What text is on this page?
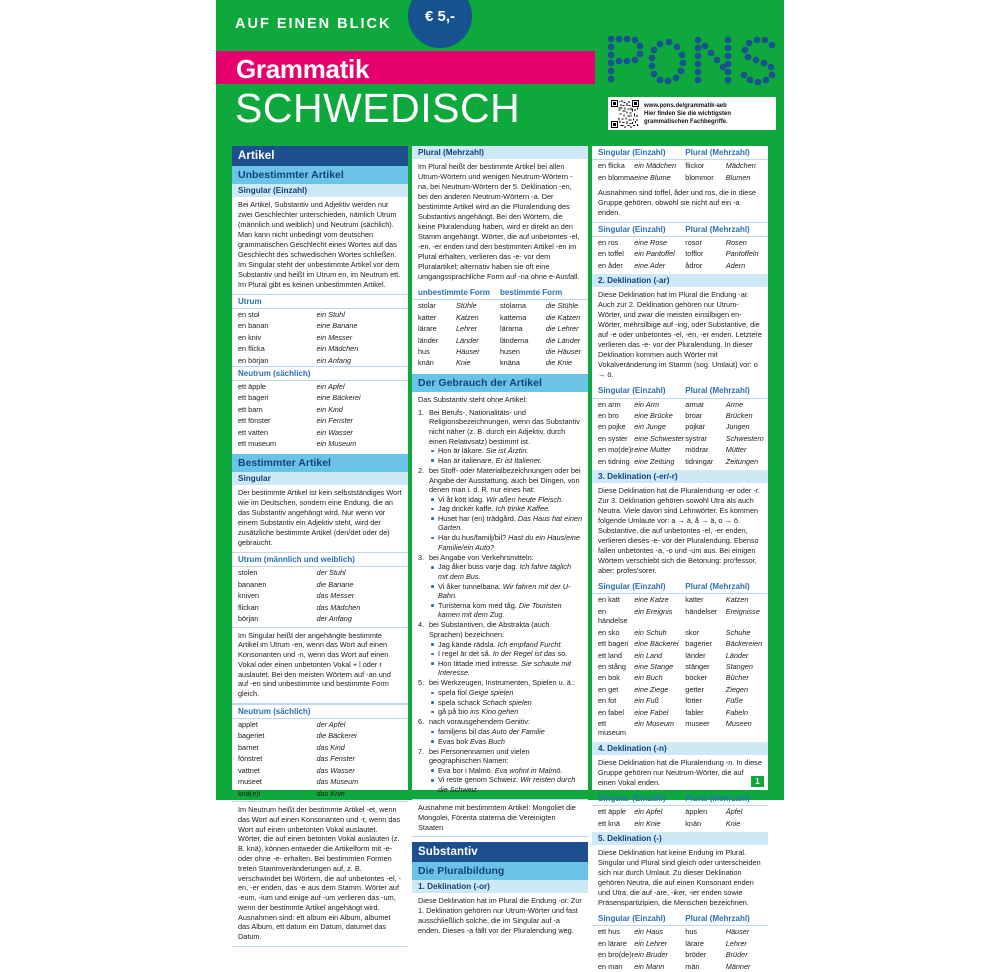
AUF EINEN BLICK	€ 5,-
Grammatik
SCHWEDISCH	www.pons.de/grammatik-aeb
Hier finden Sie die wichtigsten
grammatischen Fachbegriffe.
Artikel
Unbestimmter Artikel
Singular (Einzahl)
Bei Artikel, Substantiv und Adjektiv werden nur zwei Geschlechter unterschieden, nämlich Utrum (männlich und weiblich) und Neutrum (sächlich). Man kann nicht unbedingt vom deutschen grammatischen Geschlecht eines Wortes auf das Geschlecht des schwedischen Wortes schließen. Im Singular steht der unbestimmte Artikel vor dem Substantiv und heißt im Utrum en, im Neutrum ett. Im Plural gibt es keinen unbestimmten Artikel.
Utrum
en stol	ein Stuhl
en banan	eine Banane
en kniv	ein Messer
en flicka	ein Mädchen
en början	ein Anfang
Neutrum (sächlich)
ett äpple	ein Apfel
ett bageri	eine Bäckerei
ett barn	ein Kind
ett fönster	ein Fenster
ett vatten	ein Wasser
ett museum	ein Museum
Bestimmter Artikel
Singular
Der bestimmte Artikel ist kein selbstständiges Wort wie im Deutschen, sondern eine Endung, die an das Substantiv angehängt wird. Nur wenn vor einem Substantiv ein Adjektiv steht, wird der zusätzliche bestimmte Artikel (den/det oder de) gebraucht.
Utrum (männlich und weiblich)
stolen	der Stuhl
bananen	die Banane
kniven	das Messer
flickan	das Mädchen
början	der Anfang
Im Singular heißt der angehängte bestimmte Artikel im Utrum -en, wenn das Wort auf einen Konsonanten und -n, wenn das Wort auf einen Vokal oder einen unbetonten Vokal + l oder r auslautet. Bei den meisten Wörtern auf -an und auf -en sind unbestimmte und bestimmte Form gleich.
Neutrum (sächlich)
applet	der Apfel
bageriet	die Bäckerei
barnet	das Kind
fönstret	das Fenster
vattnet	das Wasser
museet	das Museum
knä(e)t	das Knie
Im Neutrum heißt der bestimmte Artikel -et, wenn das Wort auf einen Konsonanten und -t, wenn das Wort auf einen unbetonten Vokal auslautet. Wörter, die auf einen betonten Vokal auslauten (z. B. knä), können entweder die Artikelform mit -e- oder ohne -e- erhalten. Bei bestimmten Formen treten Stammveränderungen auf, z. B. verschwindet bei Wörtern, die auf unbetontes -el, -en, -er enden, das -e aus dem Stamm. Wörter auf -eum, -ium und einige auf -um verlieren das -um, wenn der bestimmte Artikel angehängt wird. Ausnahmen sind: ett album ein Album, albumet das Album, ett datum ein Datum, datumet das Datum.
Plural (Mehrzahl)
Im Plural heißt der bestimmte Artikel bei allen Utrum-Wörtern und wenigen Neutrum-Wörtern -na, bei Neutrum-Wörtern der 5. Deklination -en, bei den anderen Neutrum-Wörtern -a. Der bestimmte Artikel wird an die Pluralendung des Substantivs angehängt. Bei den Wörtern, die keine Pluralendung haben, wird er direkt an den Stamm angehängt. Wörter, die auf unbetontes -el, -en, -er enden und den bestimmten Artikel -en im Plural erhalten, verlieren das -e- vor dem Pluralartikel; alternativ haben sie oft eine umgangssprachliche Form auf -na ohne e-Ausfall.
unbestimmte Form		bestimmte Form	
stolar	Stühle	stolarna	die Stühle
katter	Katzen	katterna	die Katzen
lärare	Lehrer	lärarna	die Lehrer
länder	Länder	länderna	die Länder
hus	Häuser	husen	die Häuser
knän	Knie	knäna	die Knie
Der Gebrauch der Artikel
Das Substantiv steht ohne Artikel:
Bei Berufs-, Nationalitäts- und Religionsbezeichnungen, wenn das Substantiv nicht näher (z. B. durch ein Adjektiv, durch einen Relativsatz) bestimmt ist.
Hon är läkare. Sie ist Ärztin.
Han är italienare. Er ist Italiener.
bei Stoff- oder Materialbezeichnungen oder bei Angabe der Ausstattung, auch bei Dingen, von denen man i. d. R. nur eines hat:
Vi åt kött idag. Wir aßen heute Fleisch.
Jag dricker kaffe. Ich trinke Kaffee.
Huset har (en) trädgård. Das Haus hat einen Garten.
Har du hus/familj/bil? Hast du ein Haus/eine Familie/ein Auto?
bei Angabe von Verkehrsmitteln:
Jag åker buss varje dag. Ich fahre täglich mit dem Bus.
Vi åker tunnelbana. Wir fahren mit der U-Bahn.
Turisterna kom med tåg. Die Touristen kamen mit dem Zug.
bei Substantiven, die Abstrakta (auch Sprachen) bezeichnen:
Jag kände rädsla. Ich empfand Furcht.
I regel är det så. In der Regel ist das so.
Hon tittade med intresse. Sie schaute mit Interesse.
bei Werkzeugen, Instrumenten, Spielen u. ä.:
spela fiol Geige spielen
spela schack Schach spielen
gå på bio ins Kino gehen
nach vorausgehendem Genitiv:
familjens bil das Auto der Familie
Evas bok Evas Buch
bei Personennamen und vielen geographischen Namen:
Eva bor i Malmö. Eva wohnt in Malmö.
Vi reste genom Schweiz. Wir reisten durch die Schweiz.
Ausnahme mit bestimmtem Artikel: Mongoliet die Mongolei, Förenta staterna die Vereinigten Staaten
Substantiv
Die Pluralbildung
1. Deklination (-or)
Diese Deklination hat im Plural die Endung -or. Zur 1. Deklination gehören nur Utrum-Wörter und fast ausschließlich solche, die im Singular auf -a enden. Dieses -a fällt vor der Pluralendung weg.
Singular (Einzahl)		Plural (Mehrzahl)	
en flicka	ein Mädchen	flickor	Mädchen
en blomma	eine Blume	blommor	Blumen
Ausnahmen sind toffel, åder und ros, die in diese Gruppe gehören, obwohl sie nicht auf ein -a enden.
Singular (Einzahl)		Plural (Mehrzahl)	
en ros	eine Rose	rosor	Rosen
en toffel	ein Pantoffel	tofflor	Pantoffeln
en åder	eine Ader	ådror	Adern
2. Deklination (-ar)
Diese Deklination hat im Plural die Endung -ar. Auch zur 2. Deklination gehören nur Utrum-Wörter, und zwar die meisten einsilbigen en-Wörter, mehrsilbige auf -ing, oder Substantive, die auf -e oder unbetontes -el, -en, -er enden. Letztere verlieren das -e- vor der Pluralendung. In dieser Deklination kommen auch Wörter mit Vokalveränderung im Stamm (sog. Umlaut) vor: o → ö.
Singular (Einzahl)		Plural (Mehrzahl)	
en arm	ein Arm	armar	Arme
en bro	eine Brücke	broar	Brücken
en pojke	ein Junge	pojkar	Jungen
en syster	eine Schwester	systrar	Schwestern
en mo(de)r	eine Mutter	mödrar	Mütter
en tidning	eine Zeitung	tidningar	Zeitungen
3. Deklination (-er/-r)
Diese Deklination hat die Pluralendung -er oder -r. Zur 3. Deklination gehören sowohl Utra als auch Neutra. Viele davon sind Lehnwörter. Es kommen folgende Umlaute vor: a → ä, å → ä, o → ö. Substantive, die auf unbetontes -el, -er enden, verlieren dieses -e- vor der Pluralendung. Ebenso fallen unbetontes -a, -o und -um aus. Bei einigen Wörtern verschiebt sich die Betonung: pro'fessor, aber: profes'sorer.
Singular (Einzahl)		Plural (Mehrzahl)	
en katt	eine Katze	katter	Katzen
en händelse	ein Ereignis	händelser	Ereignisse
en sko	ein Schuh	skor	Schuhe
ett bageri	eine Bäckerei	bagerier	Bäckereien
ett land	ein Land	länder	Länder
en stång	eine Stange	stänger	Stangen
en bok	ein Buch	böcker	Bücher
en get	eine Ziege	getter	Ziegen
en fot	ein Fuß	fötter	Füße
en fabel	eine Fabel	fabler	Fabeln
ett museum	ein Museum	museer	Museen
4. Deklination (-n)
Diese Deklination hat die Pluralendung -n. In diese Gruppe gehören nur Neutrum-Wörter, die auf einen Vokal enden.
Singular (Einzahl)		Plural (Mehrzahl)	
ett äpple	ein Apfel	äpplen	Äpfel
ett knä	ein Knie	knän	Knie
5. Deklination (-)
Diese Deklination hat keine Endung im Plural. Singular und Plural sind gleich oder unterscheiden sich nur durch Umlaut. Zu dieser Deklination gehören Neutra, die auf einen Konsonant enden und Utra, die auf -are, -iker, -ier enden sowie Präsenspartizipien, die Menschen bezeichnen.
Singular (Einzahl)		Plural (Mehrzahl)	
ett hus	ein Haus	hus	Häuser
en lärare	ein Lehrer	lärare	Lehrer
en bro(de)r	ein Bruder	bröder	Brüder
en man	ein Mann	män	Männer
1
